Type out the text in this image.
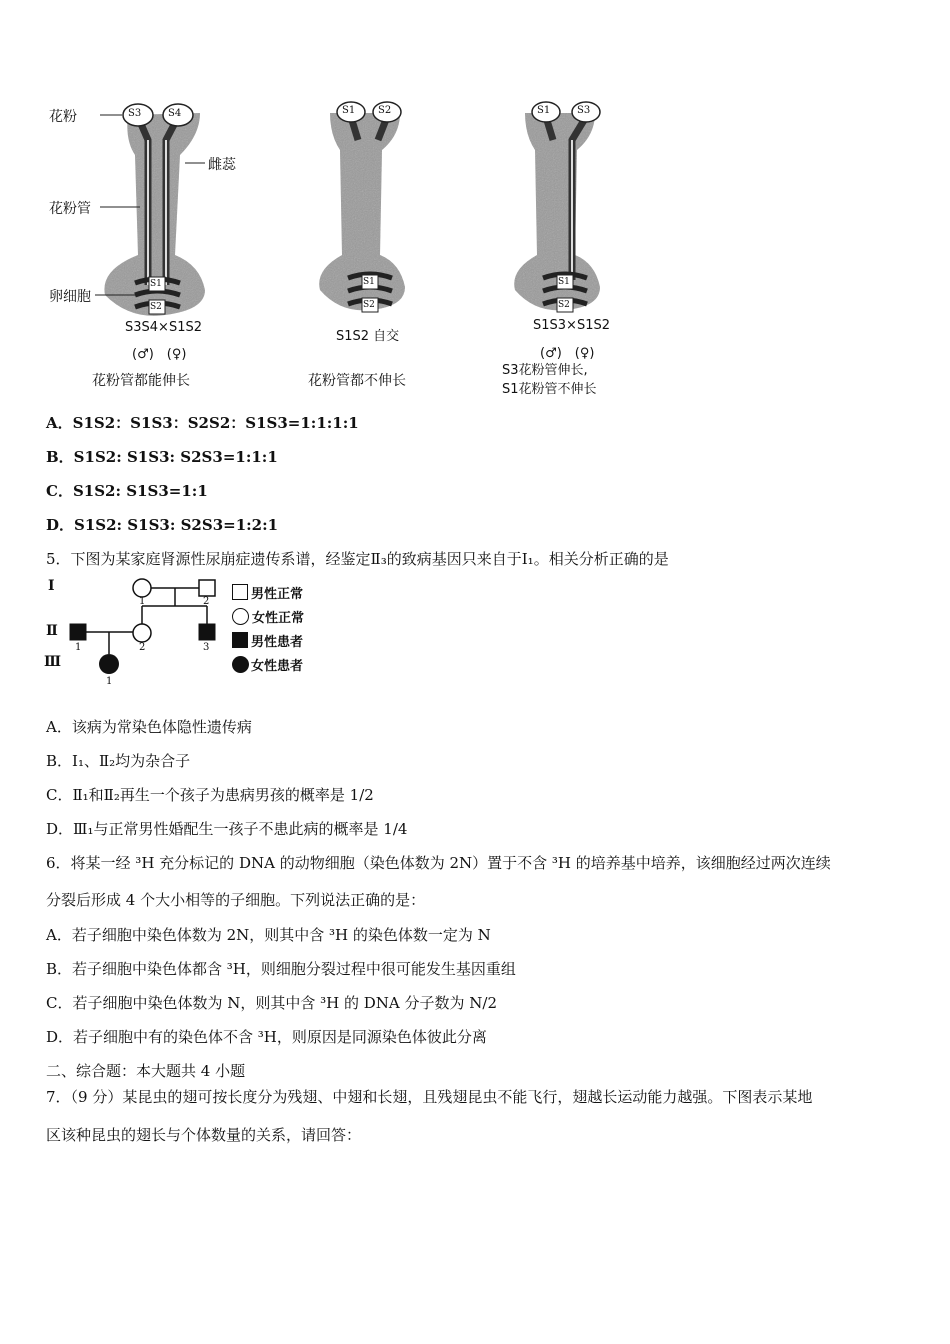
花粉
雌蕊
花粉管
卵细胞
S3	S4
S1
S2
S3S4×S1S2
(♂)　(♀)
花粉管都能伸长
S1 S2
S1
S2
S1S2 自交
花粉管都不伸长
S1	S3
S1
S2
S1S3×S1S2
(♂)　(♀)
S3花粉管伸长,
S1花粉管不伸长
A．S1S2：S1S3：S2S2：S1S3=1:1:1:1
B．S1S2: S1S3: S2S3=1:1:1
C．S1S2: S1S3=1:1
D．S1S2: S1S3: S2S3=1:2:1
5．下图为某家庭肾源性尿崩症遗传系谱，经鉴定Ⅱ₃的致病基因只来自于Ⅰ₁。相关分析正确的是
Ⅰ
Ⅱ
Ⅲ
1	2
1	2	3
1
男性正常
女性正常
男性患者
女性患者
A．该病为常染色体隐性遗传病
B．Ⅰ₁、Ⅱ₂均为杂合子
C．Ⅱ₁和Ⅱ₂再生一个孩子为患病男孩的概率是 1/2
D．Ⅲ₁与正常男性婚配生一孩子不患此病的概率是 1/4
6．将某一经 ³H 充分标记的 DNA 的动物细胞（染色体数为 2N）置于不含 ³H 的培养基中培养，该细胞经过两次连续
分裂后形成 4 个大小相等的子细胞。下列说法正确的是：
A．若子细胞中染色体数为 2N，则其中含 ³H 的染色体数一定为 N
B．若子细胞中染色体都含 ³H，则细胞分裂过程中很可能发生基因重组
C．若子细胞中染色体数为 N，则其中含 ³H 的 DNA 分子数为 N/2
D．若子细胞中有的染色体不含 ³H，则原因是同源染色体彼此分离
二、综合题：本大题共 4 小题
7．（9 分）某昆虫的翅可按长度分为残翅、中翅和长翅，且残翅昆虫不能飞行，翅越长运动能力越强。下图表示某地
区该种昆虫的翅长与个体数量的关系，请回答：
